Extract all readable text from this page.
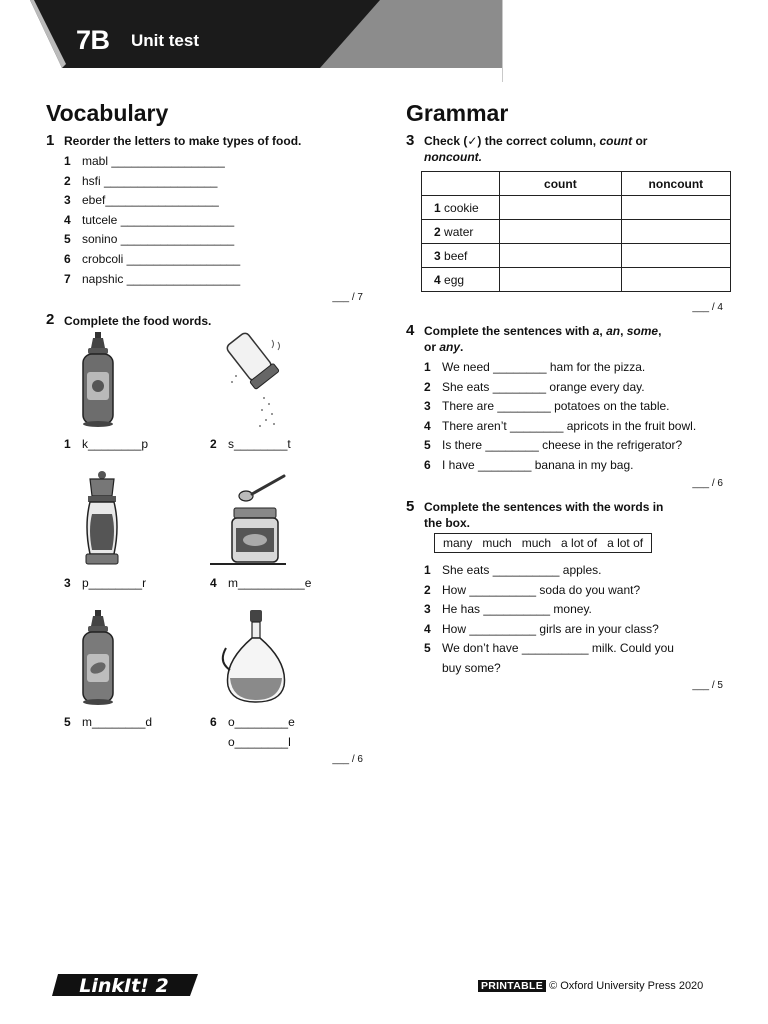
7B Unit test
Vocabulary
1 Reorder the letters to make types of food.
1 mabl _________________
2 hsfi _________________
3 ebef_________________
4 tutcele _________________
5 sonino _________________
6 crobcoli _________________
7 napshic _________________
___ / 7
2 Complete the food words.
1 k________p	2 s________t
3 p________r	4 m__________e
5 m________d	6 o________e
o________l
___ / 6
Grammar
3 Check (✓) the correct column, count or
noncount.
	count	noncount
1 cookie		
2 water		
3 beef		
4 egg		
___ / 4
4 Complete the sentences with a, an, some,
or any.
1 We need ________ ham for the pizza.
2 She eats ________ orange every day.
3 There are ________ potatoes on the table.
4 There aren’t ________ apricots in the fruit bowl.
5 Is there ________ cheese in the refrigerator?
6 I have ________ banana in my bag.
___ / 6
5 Complete the sentences with the words in
the box.
many   much   much   a lot of   a lot of
1 She eats __________ apples.
2 How __________ soda do you want?
3 He has __________ money.
4 How __________ girls are in your class?
5 We don’t have __________ milk. Could you
buy some?
___ / 5
LinkIt! 2	PRINTABLE © Oxford University Press 2020
